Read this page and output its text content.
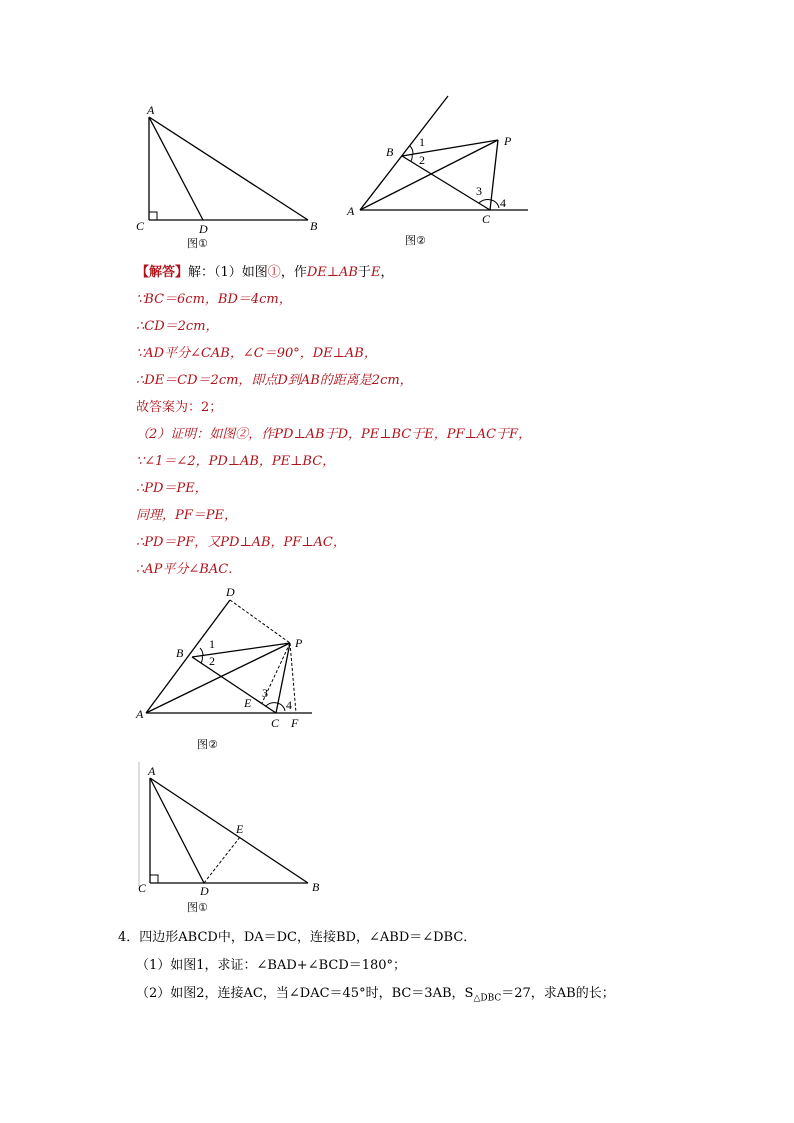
A
C	D	B
图①
B
P
A
C
1
2
3
4
图②
【解答】解：（1）如图①，作DE⊥AB于E，
∵BC＝6cm，BD＝4cm，
∴CD＝2cm，
∵AD平分∠CAB，∠C＝90°，DE⊥AB，
∴DE＝CD＝2cm，即点D到AB的距离是2cm，
故答案为：2；
（2）证明：如图②，作PD⊥AB于D，PE⊥BC于E，PF⊥AC于F，
∵∠1＝∠2，PD⊥AB，PE⊥BC，
∴PD＝PE，
同理，PF＝PE，
∴PD＝PF，又PD⊥AB，PF⊥AC，
∴AP平分∠BAC．
D
B
P
A
E
C F
1
2
3
4
图②
A
E
C	D	B
图①
4．四边形ABCD中，DA＝DC，连接BD，∠ABD＝∠DBC．
（1）如图1，求证：∠BAD+∠BCD＝180°；
（2）如图2，连接AC，当∠DAC＝45°时，BC＝3AB，$S_{\triangle DBC}=27$，求AB的长；
